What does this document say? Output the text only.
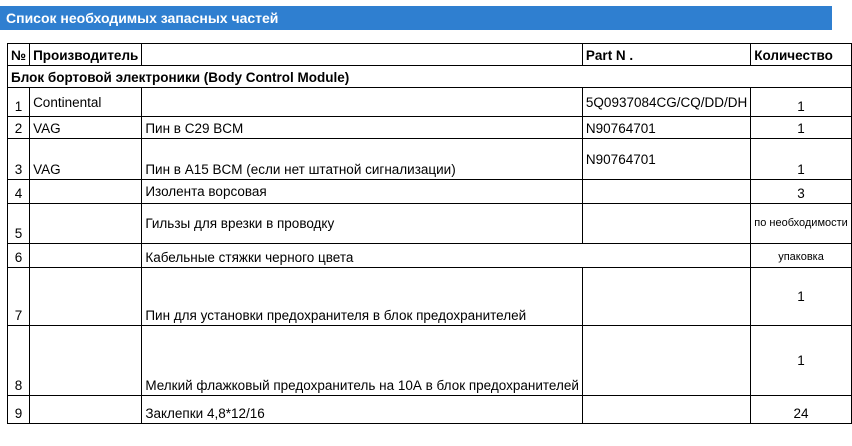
Список необходимых запасных частей
№	Производитель		Part N .	Количество
Блок бортовой электроники (Body Control Module)				
1	Continental		5Q0937084CG/CQ/DD/DH	1
2	VAG	Пин в С29 BCM	N90764701	1
3	VAG	Пин в А15 BCM (если нет штатной сигнализации)	N90764701	1
4		Изолента ворсовая		3
5		Гильзы для врезки в проводку		по необходимости
6		Кабельные стяжки черного цвета		упаковка
7		Пин для установки предохранителя в блок предохранителей		1
8		Мелкий флажковый предохранитель на 10А в блок предохранителей		1
9		Заклепки 4,8*12/16		24
